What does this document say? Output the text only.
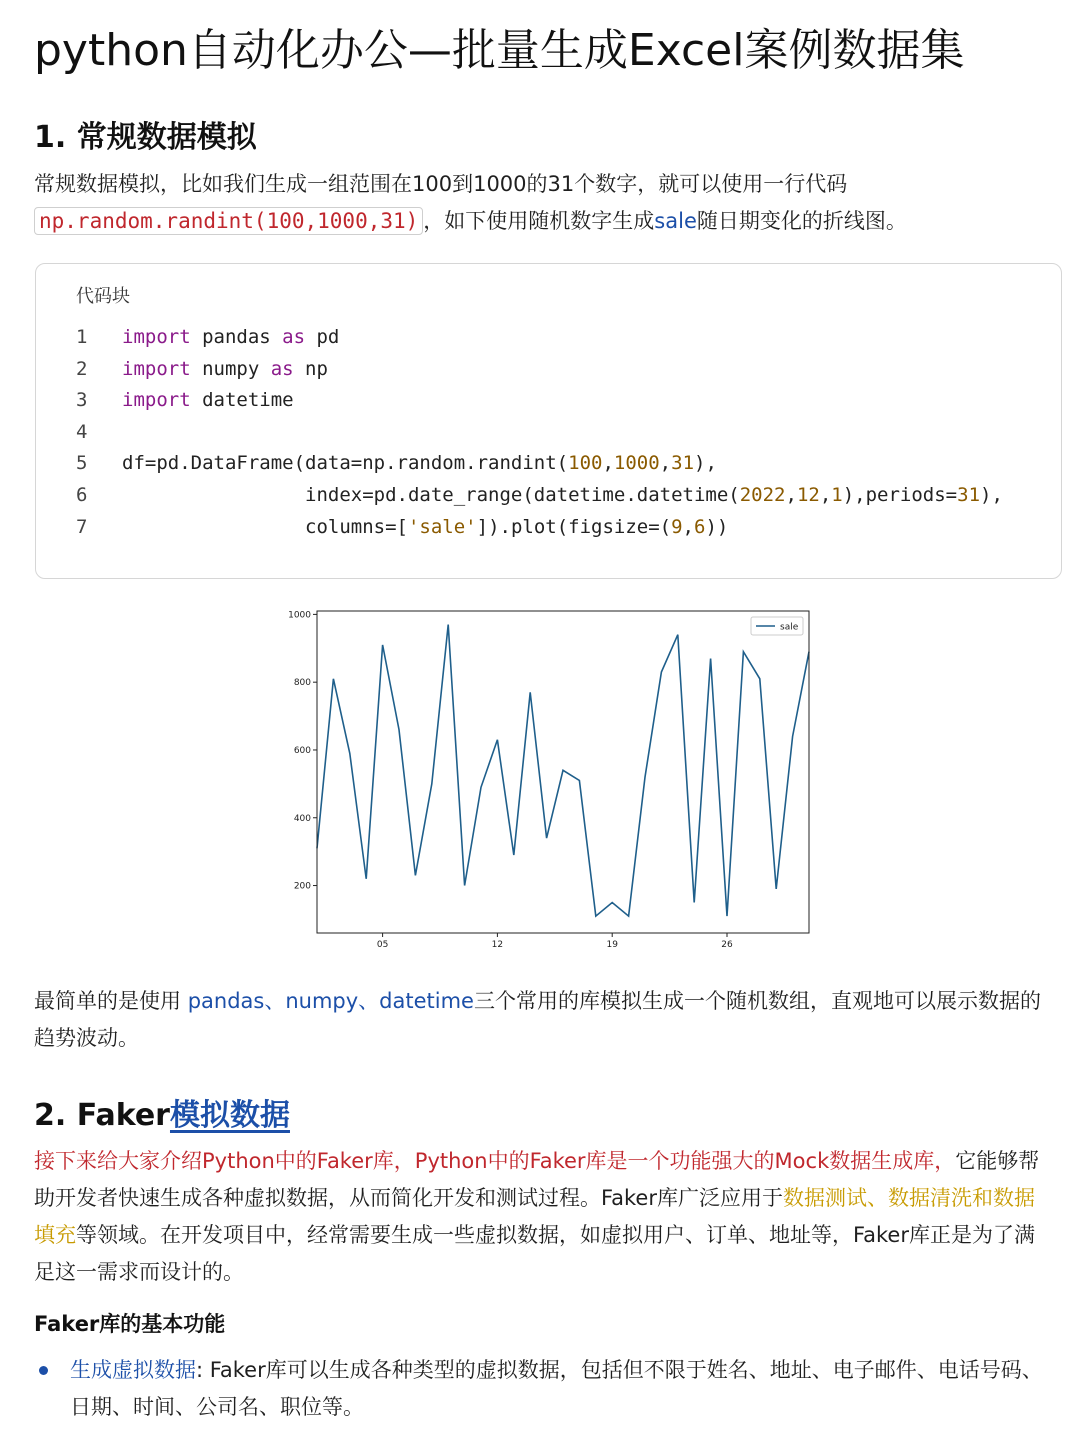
python自动化办公—批量生成Excel案例数据集
1. 常规数据模拟

常规数据模拟，比如我们生成一组范围在100到1000的31个数字，就可以使用一行代码
np.random.randint(100,1000,31) ，如下使用随机数字生成sale随日期变化的折线图。

代码块
1 import pandas as pd
2 import numpy as np
3 import datetime
4
5 df=pd.DataFrame(data=np.random.randint(100,1000,31),
6                index=pd.date_range(datetime.datetime(2022,12,1),periods=31),
7                columns=['sale']).plot(figsize=(9,6))
200
400
600
800
1000
05	12	19	26
sale

最简单的是使用 pandas、numpy、datetime三个常用的库模拟生成一个随机数组，直观地可以展示数据的趋势波动。

2. Faker模拟数据

接下来给大家介绍Python中的Faker库，Python中的Faker库是一个功能强大的Mock数据生成库，它能够帮助开发者快速生成各种虚拟数据，从而简化开发和测试过程。Faker库广泛应用于数据测试、数据清洗和数据填充等领域。在开发项目中，经常需要生成一些虚拟数据，如虚拟用户、订单、地址等，Faker库正是为了满足这一需求而设计的。

Faker库的基本功能
生成虚拟数据: Faker库可以生成各种类型的虚拟数据，包括但不限于姓名、地址、电子邮件、电话号码、日期、时间、公司名、职位等。
